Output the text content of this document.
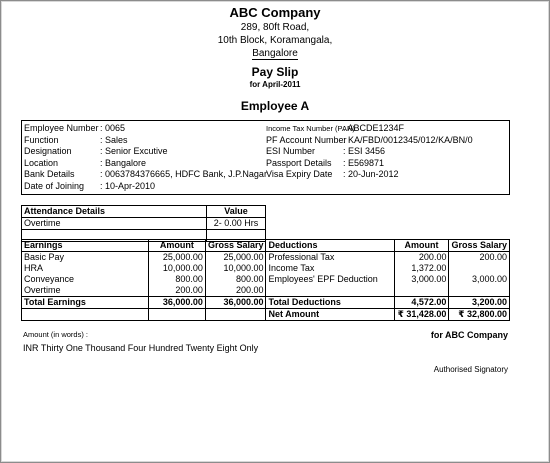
ABC Company
289, 80ft Road,
10th Block, Koramangala,
Bangalore
Pay Slip
for April-2011
Employee A
Employee Number: 0065
Function	: Sales
Designation	: Senior Excutive
Location	: Bangalore
Bank Details	: 0063784376665, HDFC Bank, J.P.Nagar
Date of Joining : 10-Apr-2010
Income Tax Number (PAN): ABCDE1234F
PF Account Number: KA/FBD/0012345/012/KA/BN/0
ESI Number	: ESI 3456
Passport Details : E569871
Visa Expiry Date : 20-Jun-2012
Attendance Details	Value
Overtime	2- 0.00 Hrs

Earnings	Amount	Gross Salary	Deductions	Amount	Gross Salary
Basic Pay	25,000.00	25,000.00	Professional Tax	200.00	200.00
HRA	10,000.00	10,000.00	Income Tax	1,372.00	
Conveyance	800.00	800.00	Employees' EPF Deduction	3,000.00	3,000.00
Overtime	200.00	200.00			
Total Earnings	36,000.00	36,000.00	Total Deductions	4,572.00	3,200.00
			Net Amount	₹ 31,428.00	₹ 32,800.00
Amount (in words) :
INR Thirty One Thousand Four Hundred Twenty Eight Only
for ABC Company
Authorised Signatory
